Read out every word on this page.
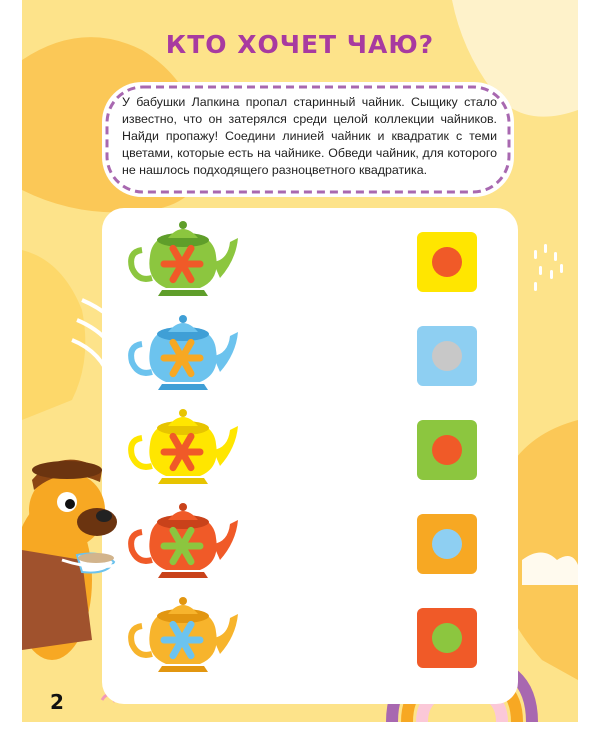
КТО ХОЧЕТ ЧАЮ?
У бабушки Лапкина пропал старинный чайник. Сыщику стало известно, что он затерялся среди целой коллекции чайников. Найди пропажу! Соедини линией чайник и квадратик с теми цветами, которые есть на чайнике. Обведи чайник, для которого не нашлось подходящего разноцветного квадратика.
2
